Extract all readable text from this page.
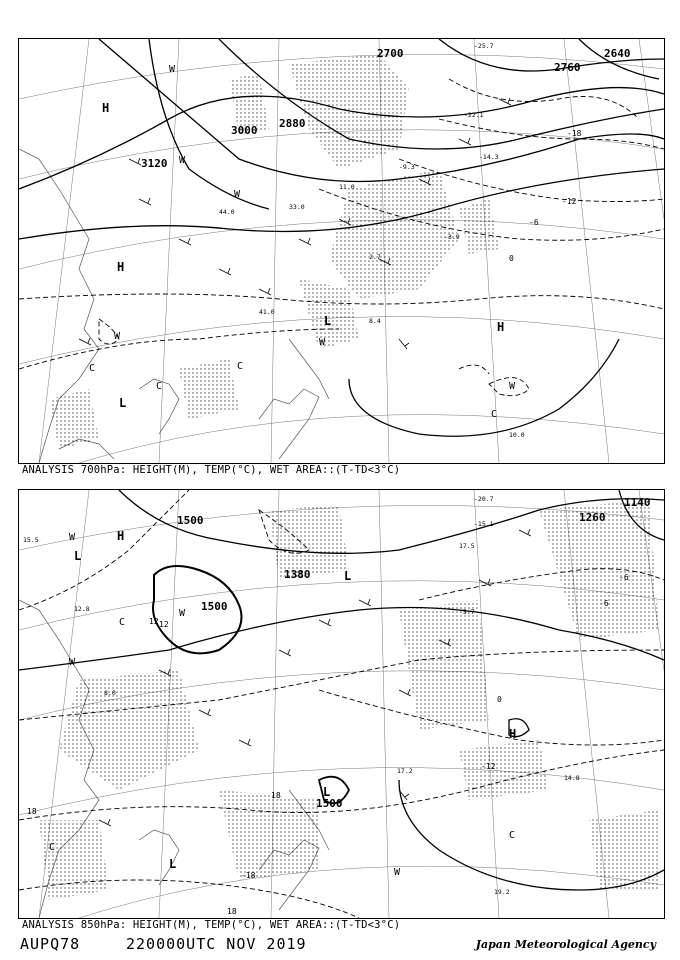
2700	2640
2760
3000
2880
3120
H
H
H
L
L
W
W
W
W
W
W
C
C
C
C
-18
-12
-6
0
-25.7
-22.1
-14.3
-9.3
-3.9
2.7
10.0
8.4
11.0
33.0
44.0
41.0
ANALYSIS 700hPa: HEIGHT(M), TEMP(°C), WET AREA::(T-TD<3°C)
1500
1500
1380
1260
1140
1500
H
H
L
L
L
L
W
W
W
W
C
C
C
18
12
-6
0
-12
-18
18
18
12
-6
-20.7
-15.1
17.5
-5.7
12.8
15.5
17.2
19.2
14.8
8.0
ANALYSIS 850hPa: HEIGHT(M), TEMP(°C), WET AREA::(T-TD<3°C)
AUPQ78	220000UTC NOV 2019	Japan Meteorological Agency
